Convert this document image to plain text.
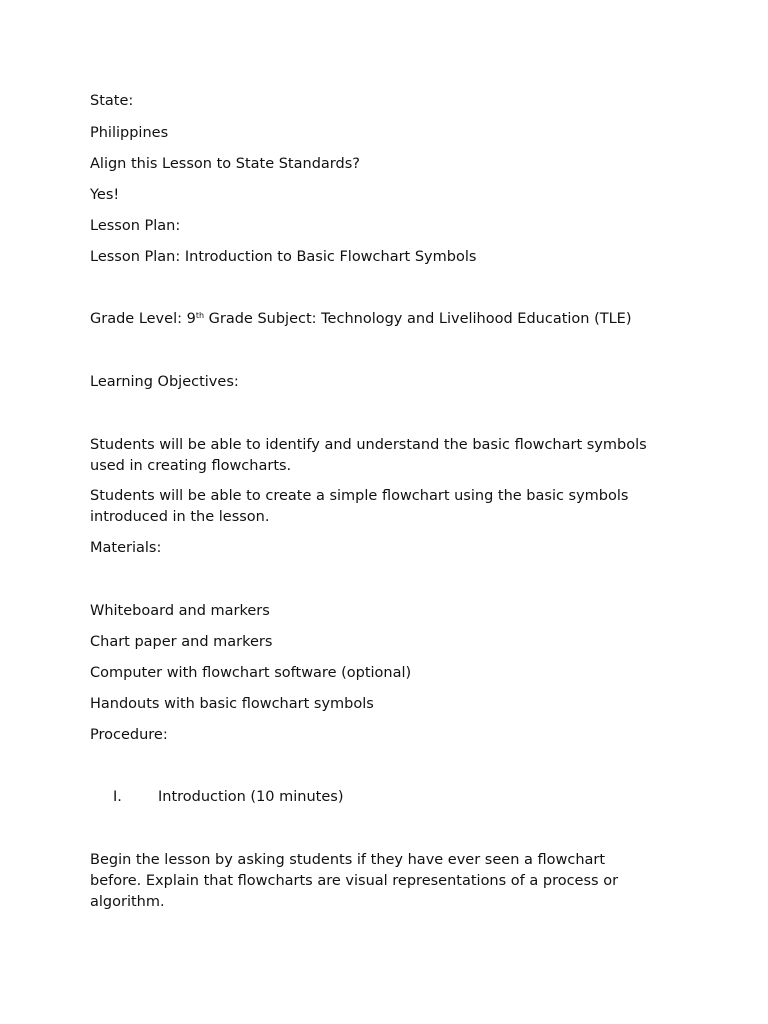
State:
Philippines
Align this Lesson to State Standards?
Yes!
Lesson Plan:
Lesson Plan: Introduction to Basic Flowchart Symbols
Grade Level: 9th Grade Subject: Technology and Livelihood Education (TLE)
Learning Objectives:
Students will be able to identify and understand the basic flowchart symbols used in creating flowcharts.
Students will be able to create a simple flowchart using the basic symbols introduced in the lesson.
Materials:
Whiteboard and markers
Chart paper and markers
Computer with flowchart software (optional)
Handouts with basic flowchart symbols
Procedure:
I. Introduction (10 minutes)
Begin the lesson by asking students if they have ever seen a flowchart before. Explain that flowcharts are visual representations of a process or algorithm.
